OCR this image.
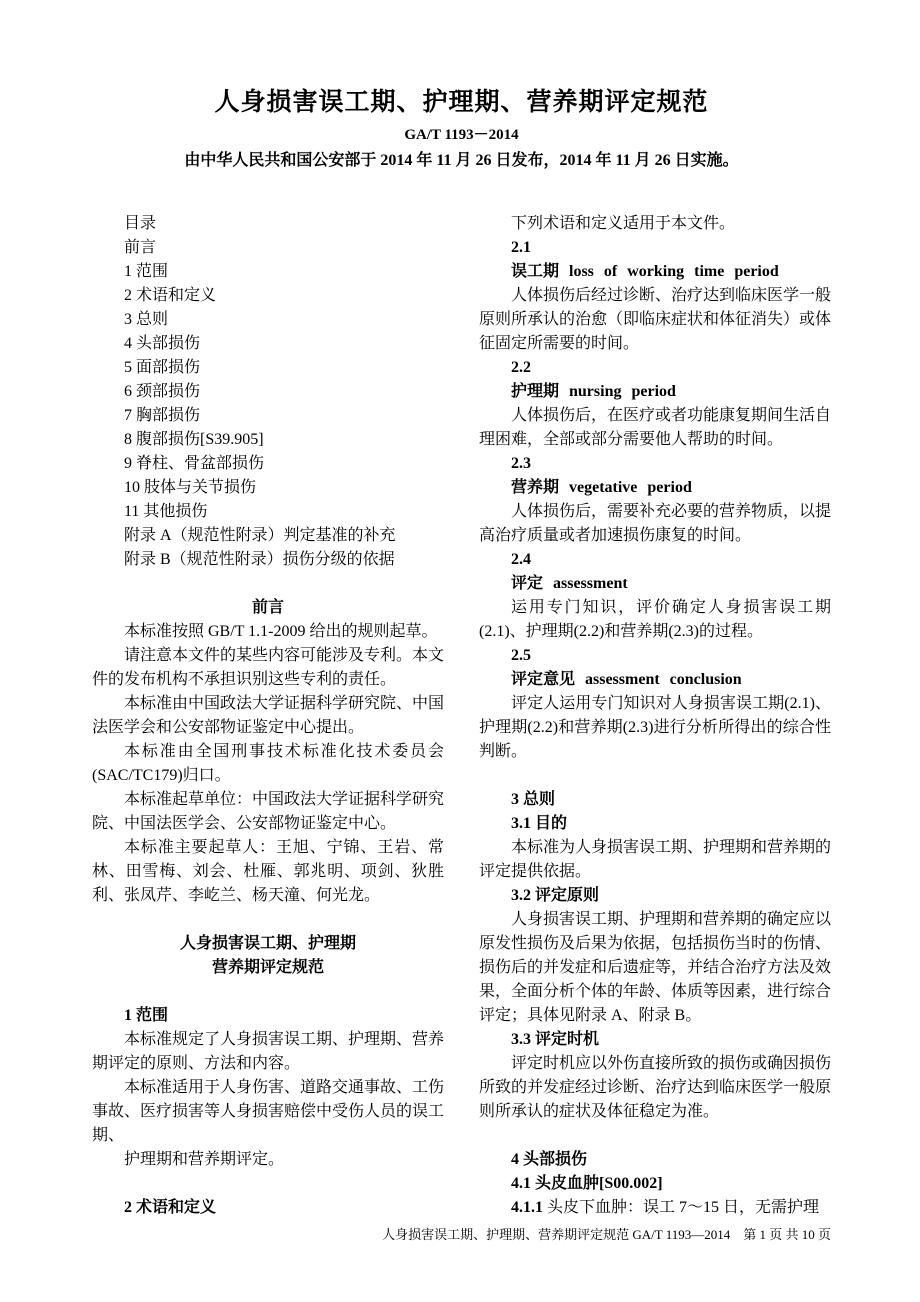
人身损害误工期、护理期、营养期评定规范
GA/T 1193－2014
由中华人民共和国公安部于 2014 年 11 月 26 日发布，2014 年 11 月 26 日实施。
目录
前言
1 范围
2 术语和定义
3 总则
4 头部损伤
5 面部损伤
6 颈部损伤
7 胸部损伤
8 腹部损伤[S39.905]
9 脊柱、骨盆部损伤
10 肢体与关节损伤
11 其他损伤
附录 A（规范性附录）判定基准的补充
附录 B（规范性附录）损伤分级的依据
前言
本标准按照 GB/T 1.1-2009 给出的规则起草。
请注意本文件的某些内容可能涉及专利。本文件的发布机构不承担识别这些专利的责任。
本标准由中国政法大学证据科学研究院、中国法医学会和公安部物证鉴定中心提出。
本标准由全国刑事技术标准化技术委员会(SAC/TC179)归口。
本标准起草单位：中国政法大学证据科学研究院、中国法医学会、公安部物证鉴定中心。
本标准主要起草人：王旭、宁锦、王岩、常林、田雪梅、刘会、杜雁、郭兆明、项剑、狄胜利、张凤芹、李屹兰、杨天潼、何光龙。
人身损害误工期、护理期
营养期评定规范
1 范围
本标准规定了人身损害误工期、护理期、营养期评定的原则、方法和内容。
本标准适用于人身伤害、道路交通事故、工伤事故、医疗损害等人身损害赔偿中受伤人员的误工期、
护理期和营养期评定。
2 术语和定义
下列术语和定义适用于本文件。
2.1
误工期 loss of working time period
人体损伤后经过诊断、治疗达到临床医学一般原则所承认的治愈（即临床症状和体征消失）或体征固定所需要的时间。
2.2
护理期 nursing period
人体损伤后，在医疗或者功能康复期间生活自理困难，全部或部分需要他人帮助的时间。
2.3
营养期 vegetative period
人体损伤后，需要补充必要的营养物质，以提高治疗质量或者加速损伤康复的时间。
2.4
评定 assessment
运用专门知识，评价确定人身损害误工期(2.1)、护理期(2.2)和营养期(2.3)的过程。
2.5
评定意见 assessment conclusion
评定人运用专门知识对人身损害误工期(2.1)、护理期(2.2)和营养期(2.3)进行分析所得出的综合性判断。
3 总则
3.1 目的
本标准为人身损害误工期、护理期和营养期的评定提供依据。
3.2 评定原则
人身损害误工期、护理期和营养期的确定应以原发性损伤及后果为依据，包括损伤当时的伤情、损伤后的并发症和后遗症等，并结合治疗方法及效果，全面分析个体的年龄、体质等因素，进行综合评定；具体见附录 A、附录 B。
3.3 评定时机
评定时机应以外伤直接所致的损伤或确因损伤所致的并发症经过诊断、治疗达到临床医学一般原则所承认的症状及体征稳定为准。
4 头部损伤
4.1 头皮血肿[S00.002]
4.1.1 头皮下血肿：误工 7～15 日，无需护理
人身损害误工期、护理期、营养期评定规范 GA/T 1193—2014　第 1 页 共 10 页
